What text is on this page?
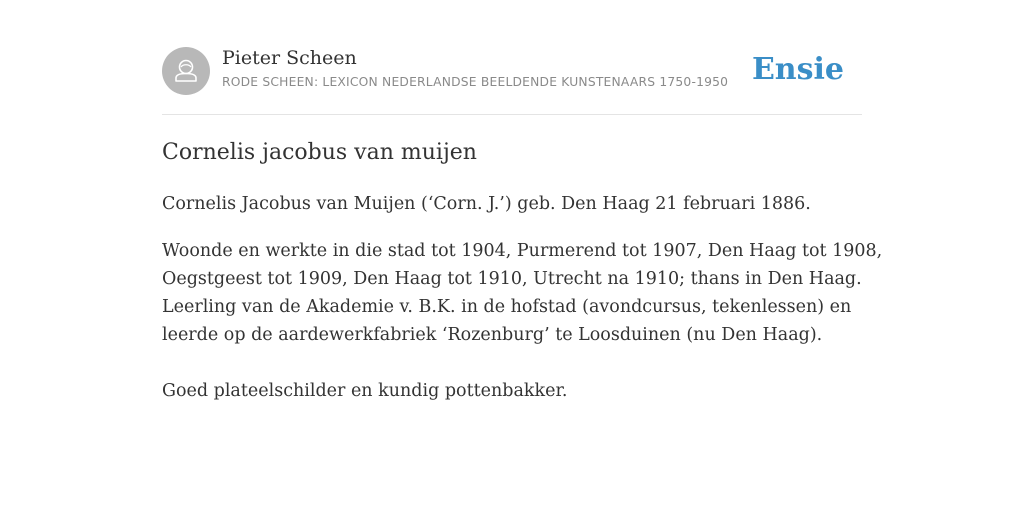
Pieter Scheen
RODE SCHEEN: LEXICON NEDERLANDSE BEELDENDE KUNSTENAARS 1750-1950 Ensie
Cornelis jacobus van muijen

Cornelis Jacobus van Muijen (‘Corn. J.’) geb. Den Haag 21 februari 1886.

Woonde en werkte in die stad tot 1904, Purmerend tot 1907, Den Haag tot 1908,

Oegstgeest tot 1909, Den Haag tot 1910, Utrecht na 1910; thans in Den Haag.

Leerling van de Akademie v. B.K. in de hofstad (avondcursus, tekenlessen) en

leerde op de aardewerkfabriek ‘Rozenburg’ te Loosduinen (nu Den Haag).

Goed plateelschilder en kundig pottenbakker.
